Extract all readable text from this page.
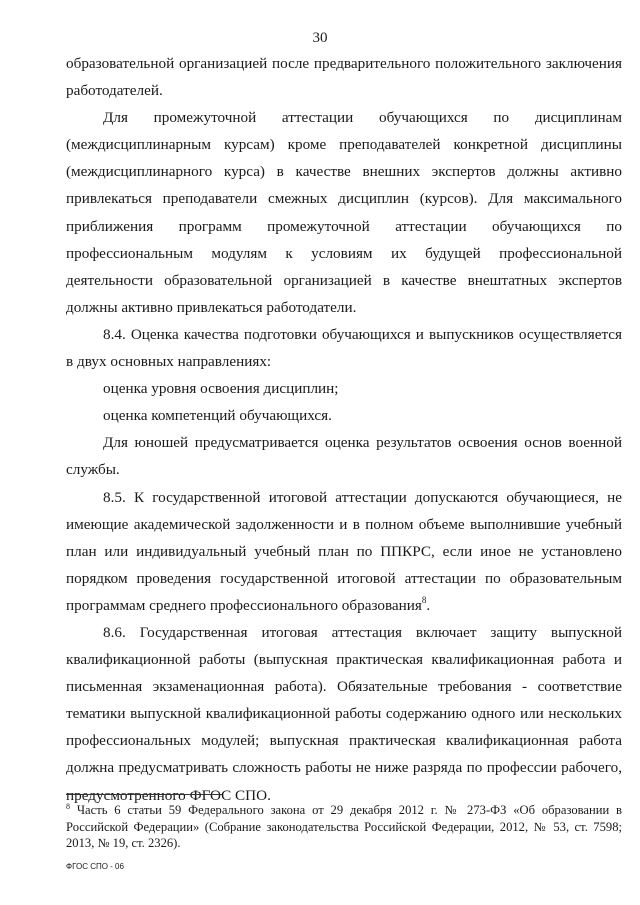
30

образовательной организацией после предварительного положительного заключения работодателей.

Для промежуточной аттестации обучающихся по дисциплинам (междисциплинарным курсам) кроме преподавателей конкретной дисциплины (междисциплинарного курса) в качестве внешних экспертов должны активно привлекаться преподаватели смежных дисциплин (курсов). Для максимального приближения программ промежуточной аттестации обучающихся по профессиональным модулям к условиям их будущей профессиональной деятельности образовательной организацией в качестве внештатных экспертов должны активно привлекаться работодатели.

8.4. Оценка качества подготовки обучающихся и выпускников осуществляется в двух основных направлениях:

оценка уровня освоения дисциплин;

оценка компетенций обучающихся.

Для юношей предусматривается оценка результатов освоения основ военной службы.

8.5. К государственной итоговой аттестации допускаются обучающиеся, не имеющие академической задолженности и в полном объеме выполнившие учебный план или индивидуальный учебный план по ППКРС, если иное не установлено порядком проведения государственной итоговой аттестации по образовательным программам среднего профессионального образования$^8$.

8.6. Государственная итоговая аттестация включает защиту выпускной квалификационной работы (выпускная практическая квалификационная работа и письменная экзаменационная работа). Обязательные требования - соответствие тематики выпускной квалификационной работы содержанию одного или нескольких профессиональных модулей; выпускная практическая квалификационная работа должна предусматривать сложность работы не ниже разряда по профессии рабочего, предусмотренного ФГОС СПО.

$^8$ Часть 6 статьи 59 Федерального закона от 29 декабря 2012 г. № 273-ФЗ «Об образовании в Российской Федерации» (Собрание законодательства Российской Федерации, 2012, № 53, ст. 7598; 2013, № 19, ст. 2326).
ФГОС СПО - 06
